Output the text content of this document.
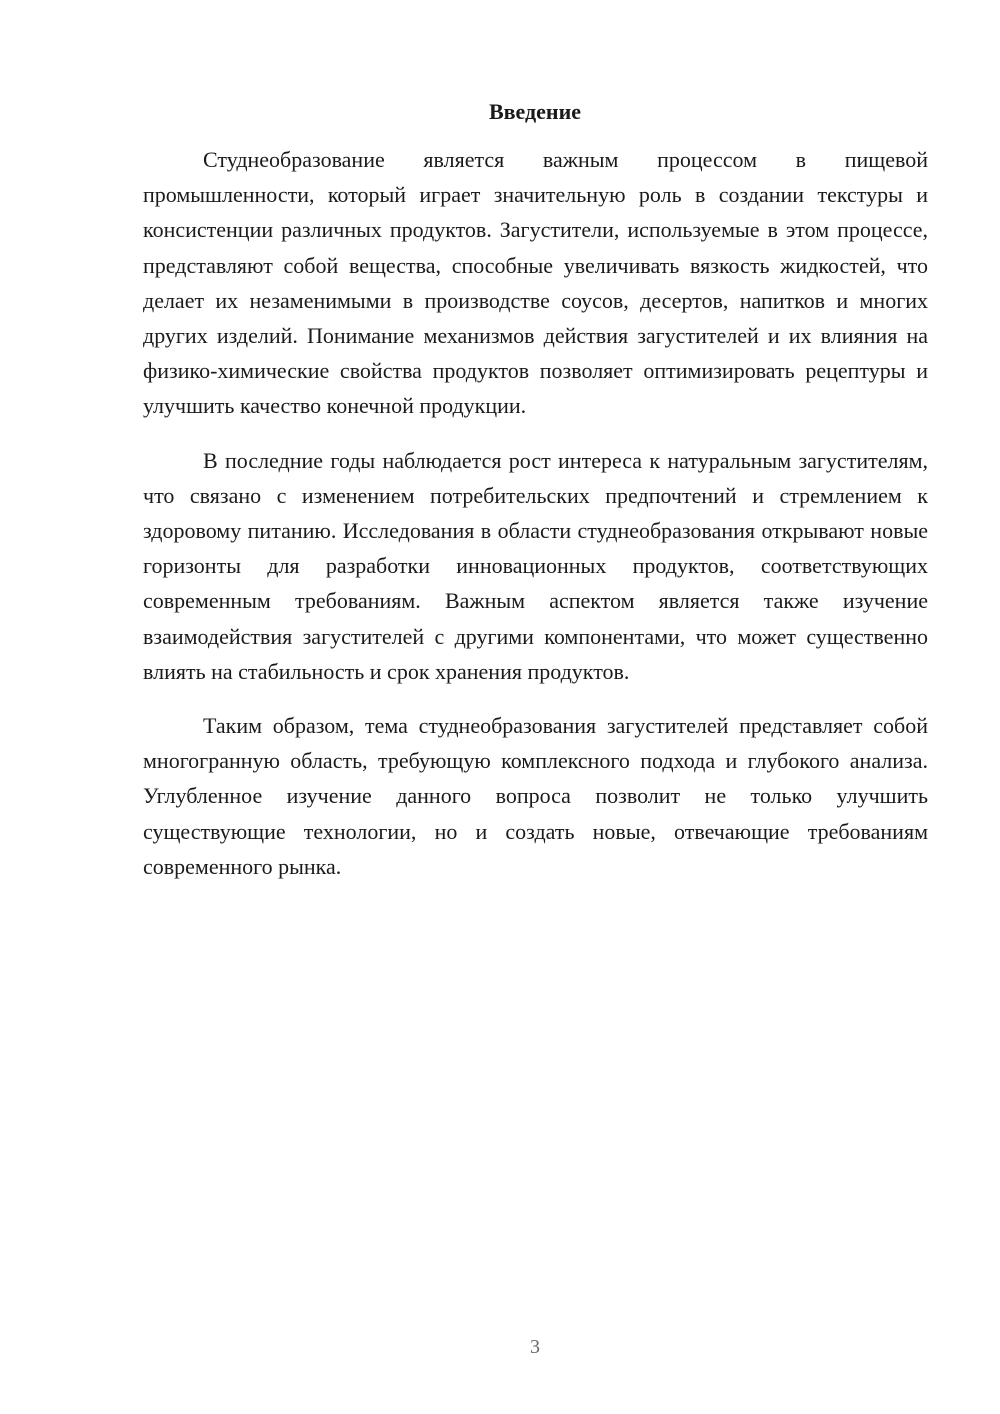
Введение

Студнеобразование является важным процессом в пищевой промышленности, который играет значительную роль в создании текстуры и консистенции различных продуктов. Загустители, используемые в этом процессе, представляют собой вещества, способные увеличивать вязкость жидкостей, что делает их незаменимыми в производстве соусов, десертов, напитков и многих других изделий. Понимание механизмов действия загустителей и их влияния на физико-химические свойства продуктов позволяет оптимизировать рецептуры и улучшить качество конечной продукции.

В последние годы наблюдается рост интереса к натуральным загустителям, что связано с изменением потребительских предпочтений и стремлением к здоровому питанию. Исследования в области студнеобразования открывают новые горизонты для разработки инновационных продуктов, соответствующих современным требованиям. Важным аспектом является также изучение взаимодействия загустителей с другими компонентами, что может существенно влиять на стабильность и срок хранения продуктов.

Таким образом, тема студнеобразования загустителей представляет собой многогранную область, требующую комплексного подхода и глубокого анализа. Углубленное изучение данного вопроса позволит не только улучшить существующие технологии, но и создать новые, отвечающие требованиям современного рынка.

3
